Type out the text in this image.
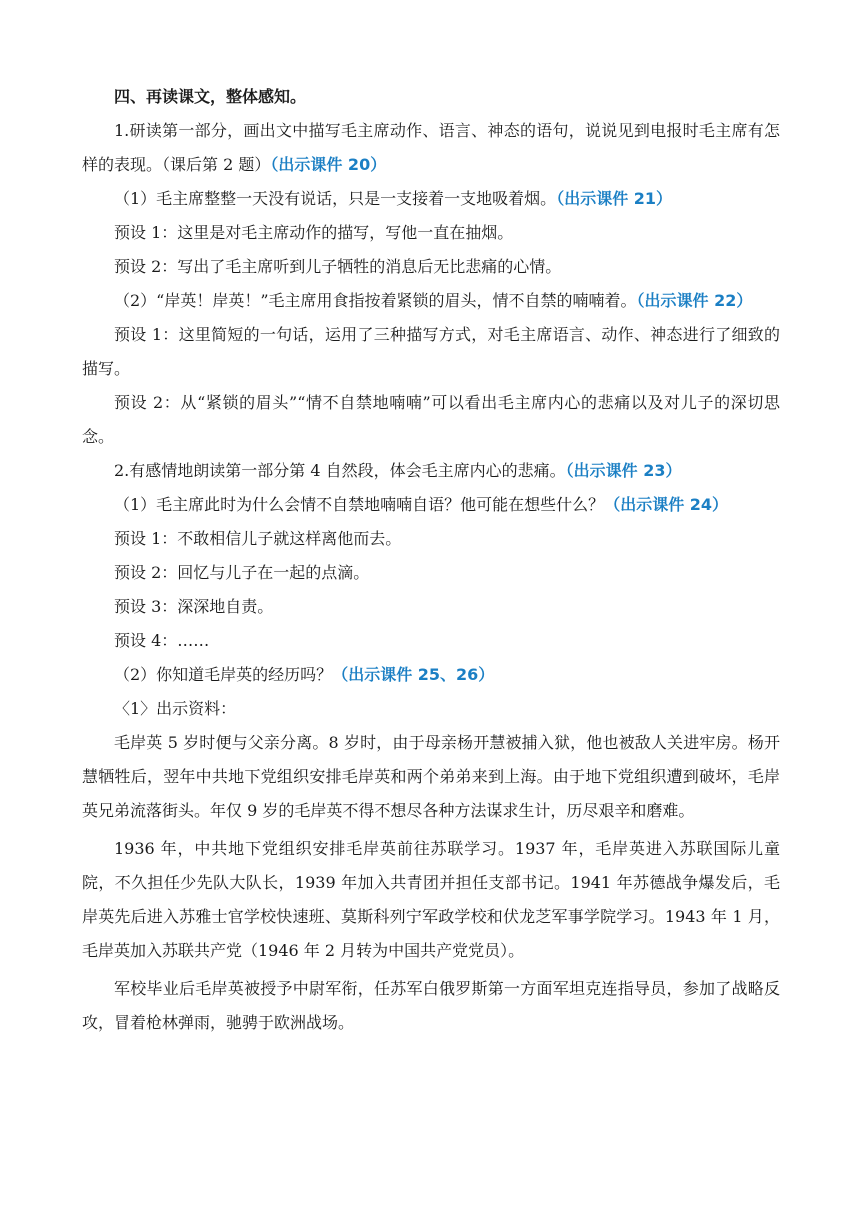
四、再读课文，整体感知。

1.研读第一部分，画出文中描写毛主席动作、语言、神态的语句，说说见到电报时毛主席有怎样的表现。（课后第 2 题）（出示课件 20）

（1）毛主席整整一天没有说话，只是一支接着一支地吸着烟。（出示课件 21）

预设 1：这里是对毛主席动作的描写，写他一直在抽烟。

预设 2：写出了毛主席听到儿子牺牲的消息后无比悲痛的心情。

（2）“岸英！岸英！”毛主席用食指按着紧锁的眉头，情不自禁的喃喃着。（出示课件 22）

预设 1：这里简短的一句话，运用了三种描写方式，对毛主席语言、动作、神态进行了细致的描写。

预设 2：从“紧锁的眉头”“情不自禁地喃喃”可以看出毛主席内心的悲痛以及对儿子的深切思念。

2.有感情地朗读第一部分第 4 自然段，体会毛主席内心的悲痛。（出示课件 23）

（1）毛主席此时为什么会情不自禁地喃喃自语？他可能在想些什么？（出示课件 24）

预设 1：不敢相信儿子就这样离他而去。

预设 2：回忆与儿子在一起的点滴。

预设 3：深深地自责。

预设 4：……

（2）你知道毛岸英的经历吗？（出示课件 25、26）

〈1〉出示资料：

毛岸英 5 岁时便与父亲分离。8 岁时，由于母亲杨开慧被捕入狱，他也被敌人关进牢房。杨开慧牺牲后，翌年中共地下党组织安排毛岸英和两个弟弟来到上海。由于地下党组织遭到破坏，毛岸英兄弟流落街头。年仅 9 岁的毛岸英不得不想尽各种方法谋求生计，历尽艰辛和磨难。

1936 年，中共地下党组织安排毛岸英前往苏联学习。1937 年，毛岸英进入苏联国际儿童院，不久担任少先队大队长，1939 年加入共青团并担任支部书记。1941 年苏德战争爆发后，毛岸英先后进入苏雅士官学校快速班、莫斯科列宁军政学校和伏龙芝军事学院学习。1943 年 1 月，毛岸英加入苏联共产党（1946 年 2 月转为中国共产党党员）。

军校毕业后毛岸英被授予中尉军衔，任苏军白俄罗斯第一方面军坦克连指导员，参加了战略反攻，冒着枪林弹雨，驰骋于欧洲战场。
